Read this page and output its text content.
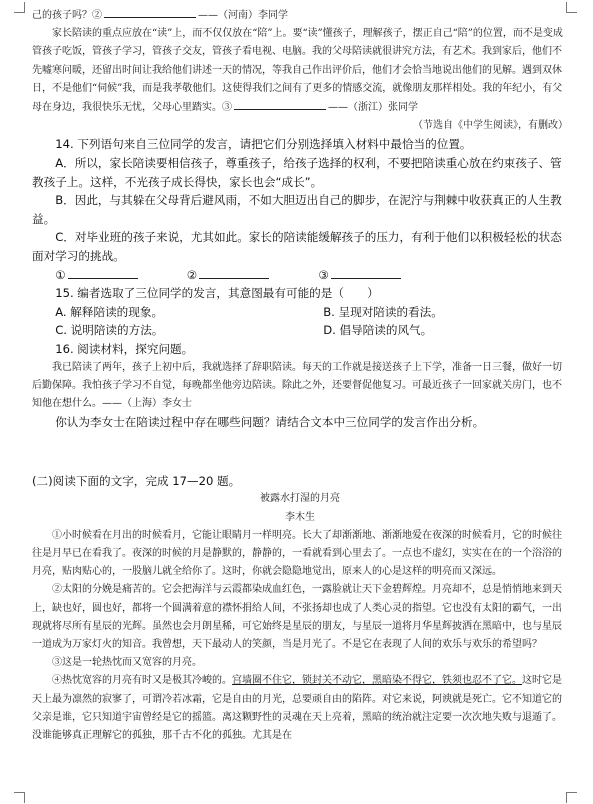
己的孩子吗？②	——（河南）李同学

家长陪读的重点应放在“读”上，而不仅仅放在“陪”上。要“读”懂孩子，理解孩子，摆正自己“陪”的位置，而不是变成管孩子吃饭，管孩子学习，管孩子交友，管孩子看电视、电脑。我的父母陪读就很讲究方法，有艺术。我到家后，他们不先嘘寒问暖，还留出时间让我给他们讲述一天的情况，等我自己作出评价后，他们才会恰当地说出他们的见解。遇到双休日，不是他们“伺候”我，而是我孝敬他们。这使得我们之间有了更多的情感交流，就像朋友那样相处。我的年纪小，有父母在身边，我很快乐无忧，父母心里踏实。③	——（浙江）张同学

（节选自《中学生阅读》，有删改）

14. 下列语句来自三位同学的发言，请把它们分别选择填入材料中最恰当的位置。

A．所以，家长陪读要相信孩子，尊重孩子，给孩子选择的权利，不要把陪读重心放在约束孩子、管教孩子上。这样，不光孩子成长得快，家长也会“成长”。

B．因此，与其躲在父母背后避风雨，不如大胆迈出自己的脚步，在泥泞与荆棘中收获真正的人生教益。

C．对毕业班的孩子来说，尤其如此。家长的陪读能缓解孩子的压力，有利于他们以积极轻松的状态面对学习的挑战。

①	②	③

15. 编者选取了三位同学的发言，其意图最有可能的是（　　）

A. 解释陪读的现象。	B. 呈现对陪读的看法。
C. 说明陪读的方法。	D. 倡导陪读的风气。

16. 阅读材料，探究问题。

我已陪读了两年，孩子上初中后，我就选择了辞职陪读。每天的工作就是接送孩子上下学，准备一日三餐，做好一切后勤保障。我怕孩子学习不自觉，每晚都坐他旁边陪读。除此之外，还要督促他复习。可最近孩子一回家就关房门，也不知他在想什么。——（上海）李女士

你认为李女士在陪读过程中存在哪些问题？请结合文本中三位同学的发言作出分析。

(二)阅读下面的文字，完成 17—20 题。

被露水打湿的月亮

李木生

①小时候看在月出的时候看月，它能让眼睛月一样明亮。长大了却渐渐地、渐渐地爱在夜深的时候看月，它的时候往往是月早已在看我了。夜深的时候的月是静默的，静静的，一看就看到心里去了。一点也不虚幻，实实在在的一个浴浴的月亮，贴肉贴心的，一股脑儿就全给你了。这时，你就会隐隐地觉出，原来人的心是这样的明亮而又深远。

②太阳的分娩是痛苦的。它会把海洋与云霞都染成血红色，一露脸就让天下金碧辉煌。月亮却不，总是悄悄地来到天上，缺也好，圆也好，都将一个圆满着意的襟怀捐给人间，不张扬却也成了人类心灵的指望。它也没有太阳的霸气，一出现就将尽所有星辰的光辉。虽然也会月朗星稀，可它始终是星辰的朋友，与星辰一道将月华星辉披洒在黑暗中，也与星辰一道成为万家灯火的知音。我曾想，天下最动人的笑颜，当是月光了。不是它在表现了人间的欢乐与欢乐的希望吗？

③这是一轮热忱而又宽容的月亮。

④热忱宽容的月亮有时又是极其冷峻的。宫墙圈不住它，锁封关不动它，黑暗染不得它，铁须也忍不了它。这时它是天上最为凛然的寂寥了，可谓冷若冰霜，它是自由的月光，总要顽自由的陷阵。对它来说，阿谀就是死亡。它不知道它的父亲是谁，它只知道宇宙曾经是它的摇篮。离这颗野性的灵魂在天上亮着，黑暗的统治就注定要一次次地失败与退遁了。没谁能够真正理解它的孤独，那千古不化的孤独。尤其是在
